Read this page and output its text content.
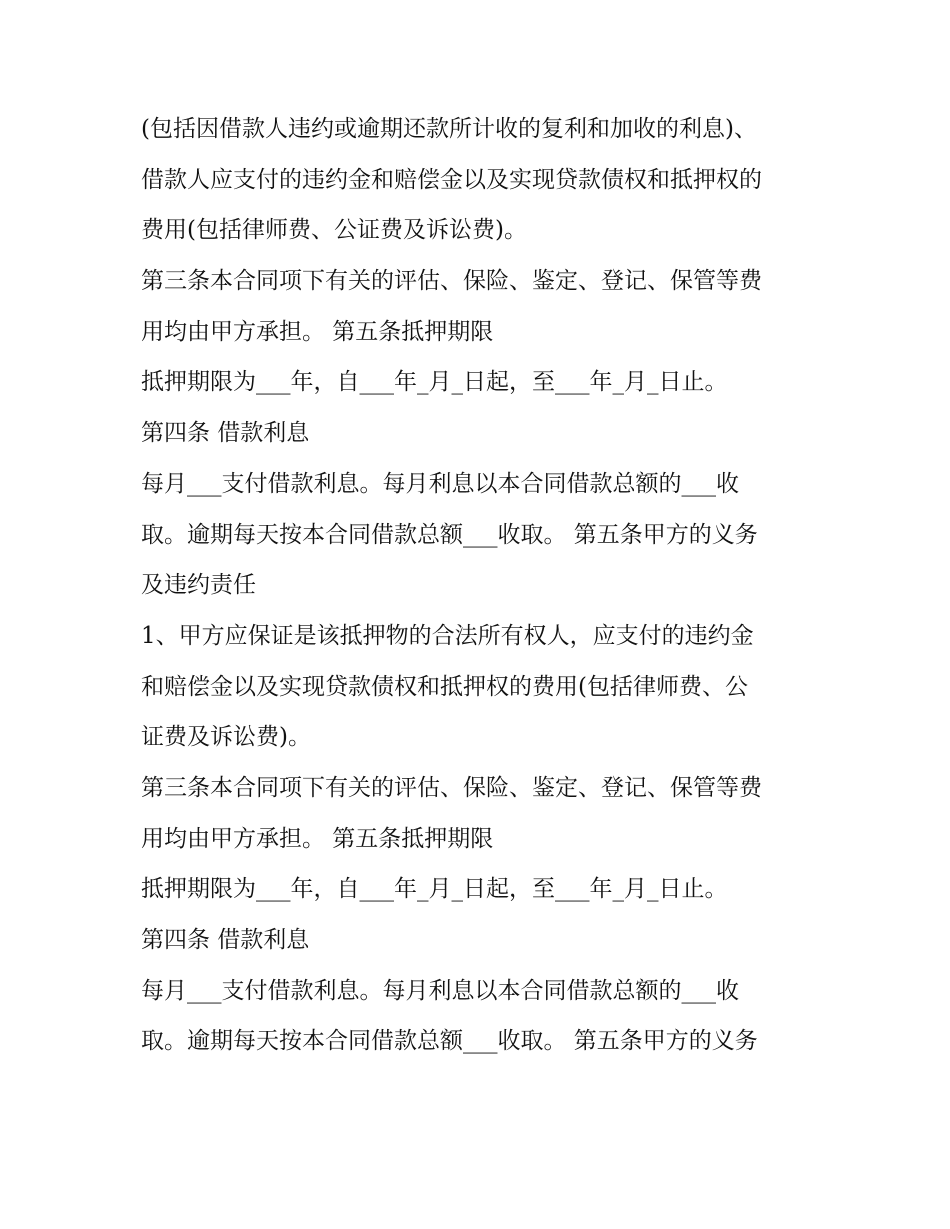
(包括因借款人违约或逾期还款所计收的复利和加收的利息)、
借款人应支付的违约金和赔偿金以及实现贷款债权和抵押权的
费用(包括律师费、公证费及诉讼费)。
第三条本合同项下有关的评估、保险、鉴定、登记、保管等费
用均由甲方承担。 第五条抵押期限
抵押期限为___年，自___年_月_日起，至___年_月_日止。
第四条 借款利息
每月___支付借款利息。每月利息以本合同借款总额的___收
取。逾期每天按本合同借款总额___收取。 第五条甲方的义务
及违约责任
1、甲方应保证是该抵押物的合法所有权人，应支付的违约金
和赔偿金以及实现贷款债权和抵押权的费用(包括律师费、公
证费及诉讼费)。
第三条本合同项下有关的评估、保险、鉴定、登记、保管等费
用均由甲方承担。 第五条抵押期限
抵押期限为___年，自___年_月_日起，至___年_月_日止。
第四条 借款利息
每月___支付借款利息。每月利息以本合同借款总额的___收
取。逾期每天按本合同借款总额___收取。 第五条甲方的义务
